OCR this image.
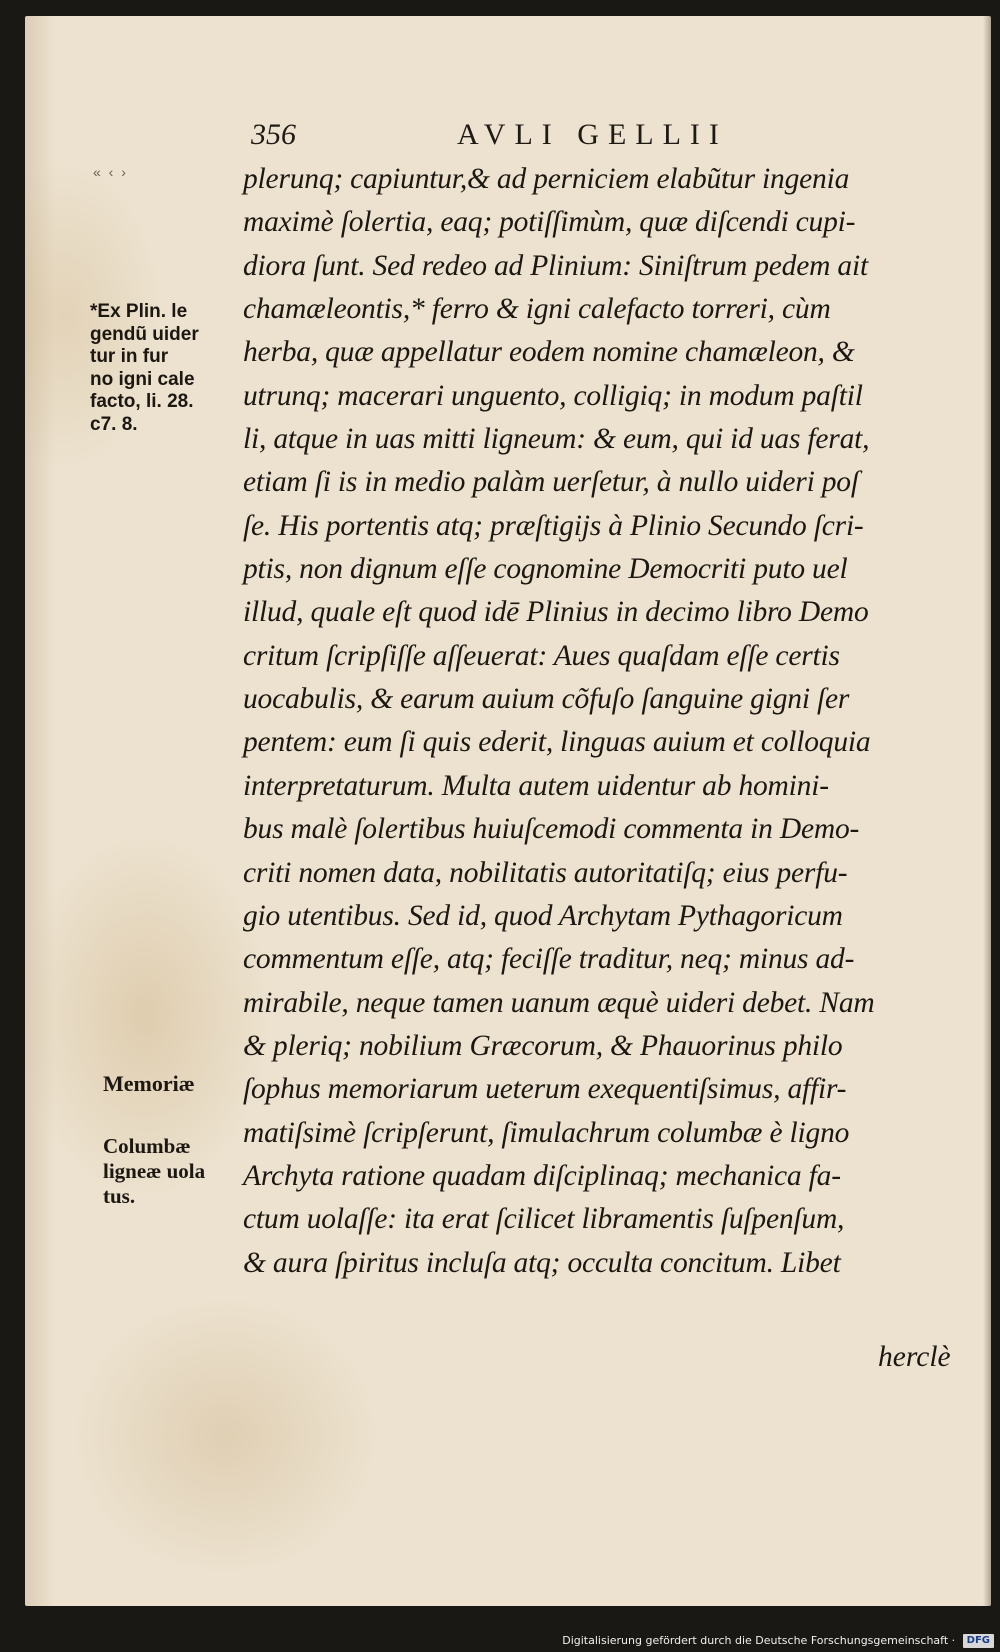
356	AVLI GELLII
« ‹ ›
*Ex Plin. le
gendũ uider
tur in fur
no igni cale
facto, li. 28.
c7. 8.
Memoriæ
Columbæ
ligneæ uola
tus.
plerunq; capiuntur,& ad perniciem elabũtur ingenia
maximè ſolertia, eaq; potiſſimùm, quæ diſcendi cupi-
diora ſunt. Sed redeo ad Plinium: Siniſtrum pedem ait
chamæleontis,* ferro & igni calefacto torreri, cùm
herba, quæ appellatur eodem nomine chamæleon, &
utrunq; macerari unguento, colligiq; in modum paſtil
li, atque in uas mitti ligneum: & eum, qui id uas ferat,
etiam ſi is in medio palàm uerſetur, à nullo uideri poſ
ſe. His portentis atq; præſtigijs à Plinio Secundo ſcri-
ptis, non dignum eſſe cognomine Democriti puto uel
illud, quale eſt quod idē Plinius in decimo libro Demo
critum ſcripſiſſe aſſeuerat: Aues quaſdam eſſe certis
uocabulis, & earum auium cõfuſo ſanguine gigni ſer
pentem: eum ſi quis ederit, linguas auium et colloquia
interpretaturum. Multa autem uidentur ab homini-
bus malè ſolertibus huiuſcemodi commenta in Demo-
criti nomen data, nobilitatis autoritatiſq; eius perfu-
gio utentibus. Sed id, quod Archytam Pythagoricum
commentum eſſe, atq; feciſſe traditur, neq; minus ad-
mirabile, neque tamen uanum æquè uideri debet. Nam
& pleriq; nobilium Græcorum, & Phauorinus philo
ſophus memoriarum ueterum exequentiſsimus, affir-
matiſsimè ſcripſerunt, ſimulachrum columbæ è ligno
Archyta ratione quadam diſciplinaq; mechanica fa-
ctum uolaſſe: ita erat ſcilicet libramentis ſuſpenſum,
& aura ſpiritus incluſa atq; occulta concitum. Libet
herclè
Digitalisierung gefördert durch die Deutsche Forschungsgemeinschaft · DFG
